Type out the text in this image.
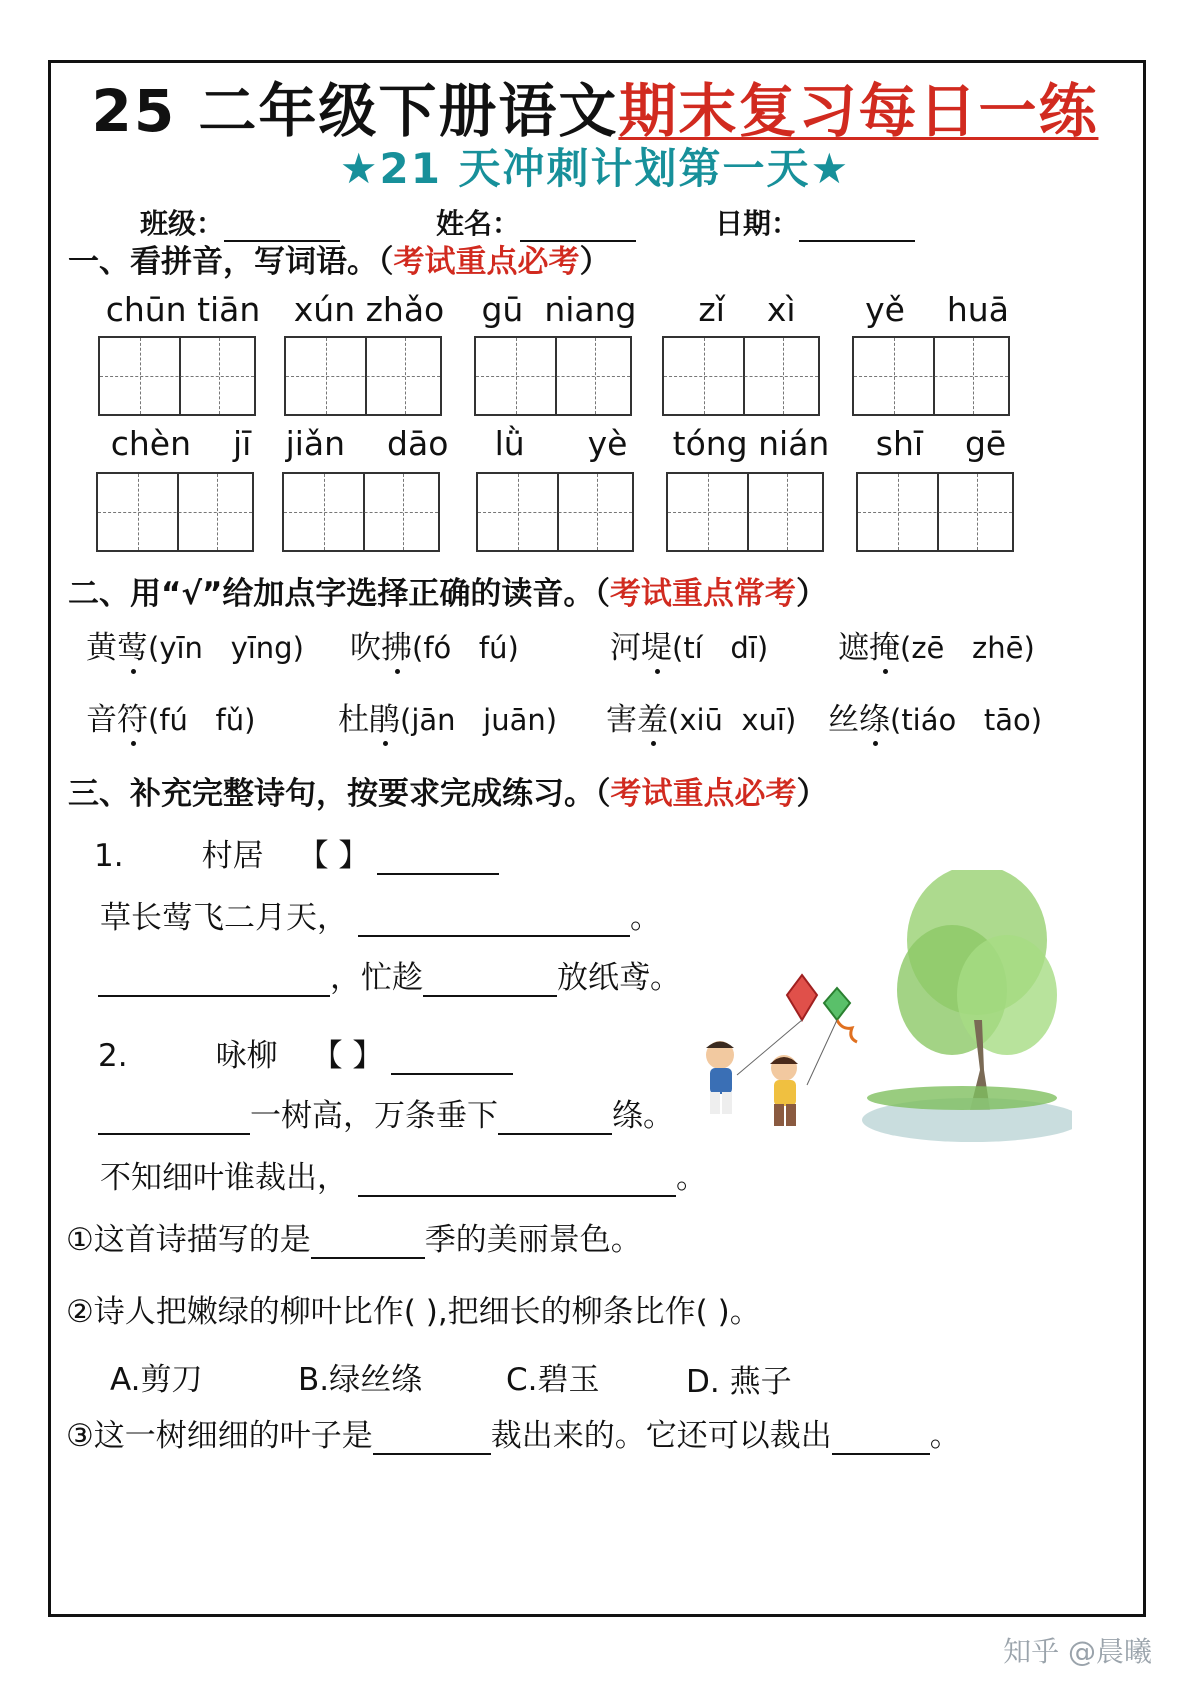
25 二年级下册语文期末复习每日一练
★21 天冲刺计划第一天★
班级：	姓名：	日期：
一、看拼音，写词语。（考试重点必考）
chūn tiān	xún zhǎo	gū  niang	zǐ    xì	yě    huā
chèn    jī	jiǎn    dāo	lǜ      yè	tóng nián	shī    gē
二、用“√”给加点字选择正确的读音。（考试重点常考）
黄莺(yīn   yīng) 吹拂(fó   fú)	河堤(tí   dī) 遮掩(zē   zhē)
音符(fú   fǔ)	杜鹃(jān   juān) 害羞(xiū  xuī) 丝绦(tiáo   tāo)
三、补充完整诗句，按要求完成练习。（考试重点必考）
1.	村居 【 】
草长莺飞二月天，	。
，忙趁	放纸鸢。
2.	咏柳 【 】
一树高，万条垂下	绦。
不知细叶谁裁出，	。
①这首诗描写的是	季的美丽景色。
②诗人把嫩绿的柳叶比作( ),把细长的柳条比作( )。
A.剪刀	B.绿丝绦	C.碧玉	D. 燕子
③这一树细细的叶子是	裁出来的。它还可以裁出	。
知乎 @晨曦
